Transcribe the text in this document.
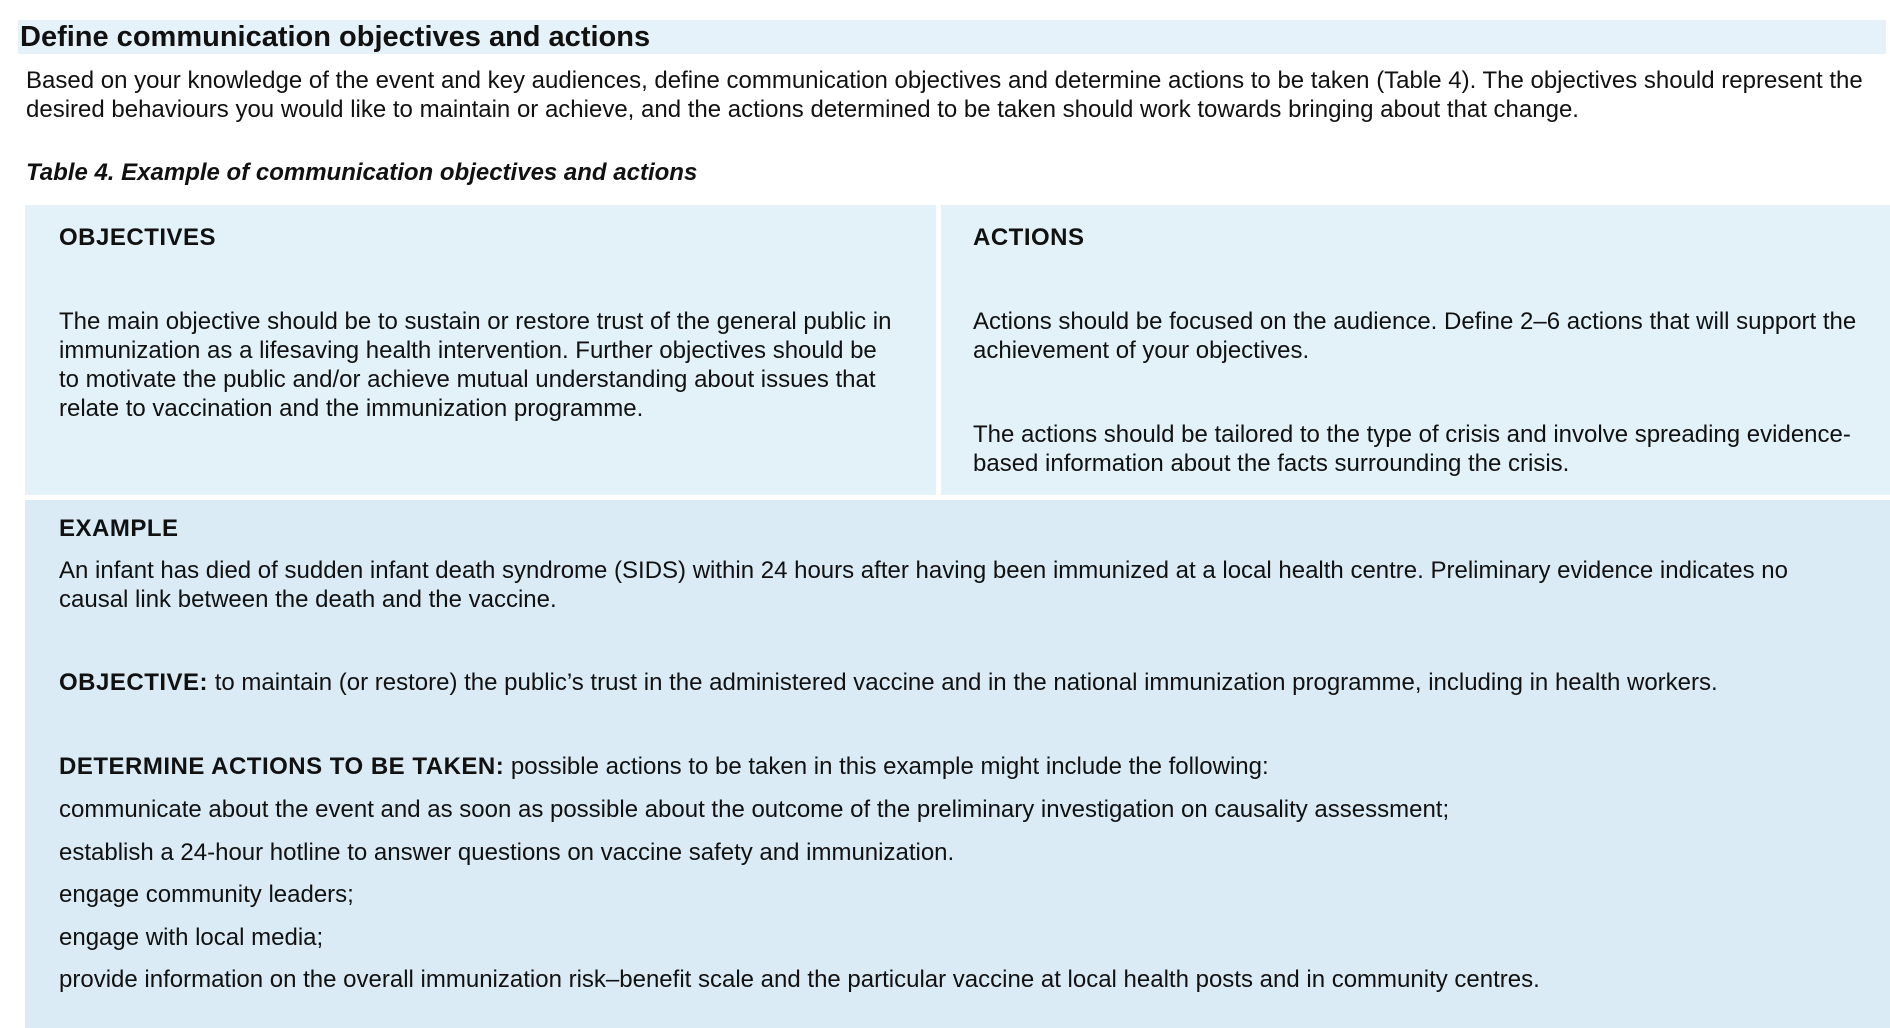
Define communication objectives and actions
Based on your knowledge of the event and key audiences, define communication objectives and determine actions to be taken (Table 4). The objectives should represent the desired behaviours you would like to maintain or achieve, and the actions determined to be taken should work towards bringing about that change.
Table 4. Example of communication objectives and actions
OBJECTIVES
The main objective should be to sustain or restore trust of the general public in immunization as a lifesaving health intervention. Further objectives should be to motivate the public and/or achieve mutual understanding about issues that relate to vaccination and the immunization programme.
ACTIONS
Actions should be focused on the audience. Define 2–6 actions that will support the achievement of your objectives.
The actions should be tailored to the type of crisis and involve spreading evidence-based information about the facts surrounding the crisis.
EXAMPLE
An infant has died of sudden infant death syndrome (SIDS) within 24 hours after having been immunized at a local health centre. Preliminary evidence indicates no causal link between the death and the vaccine.
OBJECTIVE: to maintain (or restore) the public’s trust in the administered vaccine and in the national immunization programme, including in health workers.
DETERMINE ACTIONS TO BE TAKEN: possible actions to be taken in this example might include the following:
communicate about the event and as soon as possible about the outcome of the preliminary investigation on causality assessment;
establish a 24-hour hotline to answer questions on vaccine safety and immunization.
engage community leaders;
engage with local media;
provide information on the overall immunization risk–benefit scale and the particular vaccine at local health posts and in community centres.
